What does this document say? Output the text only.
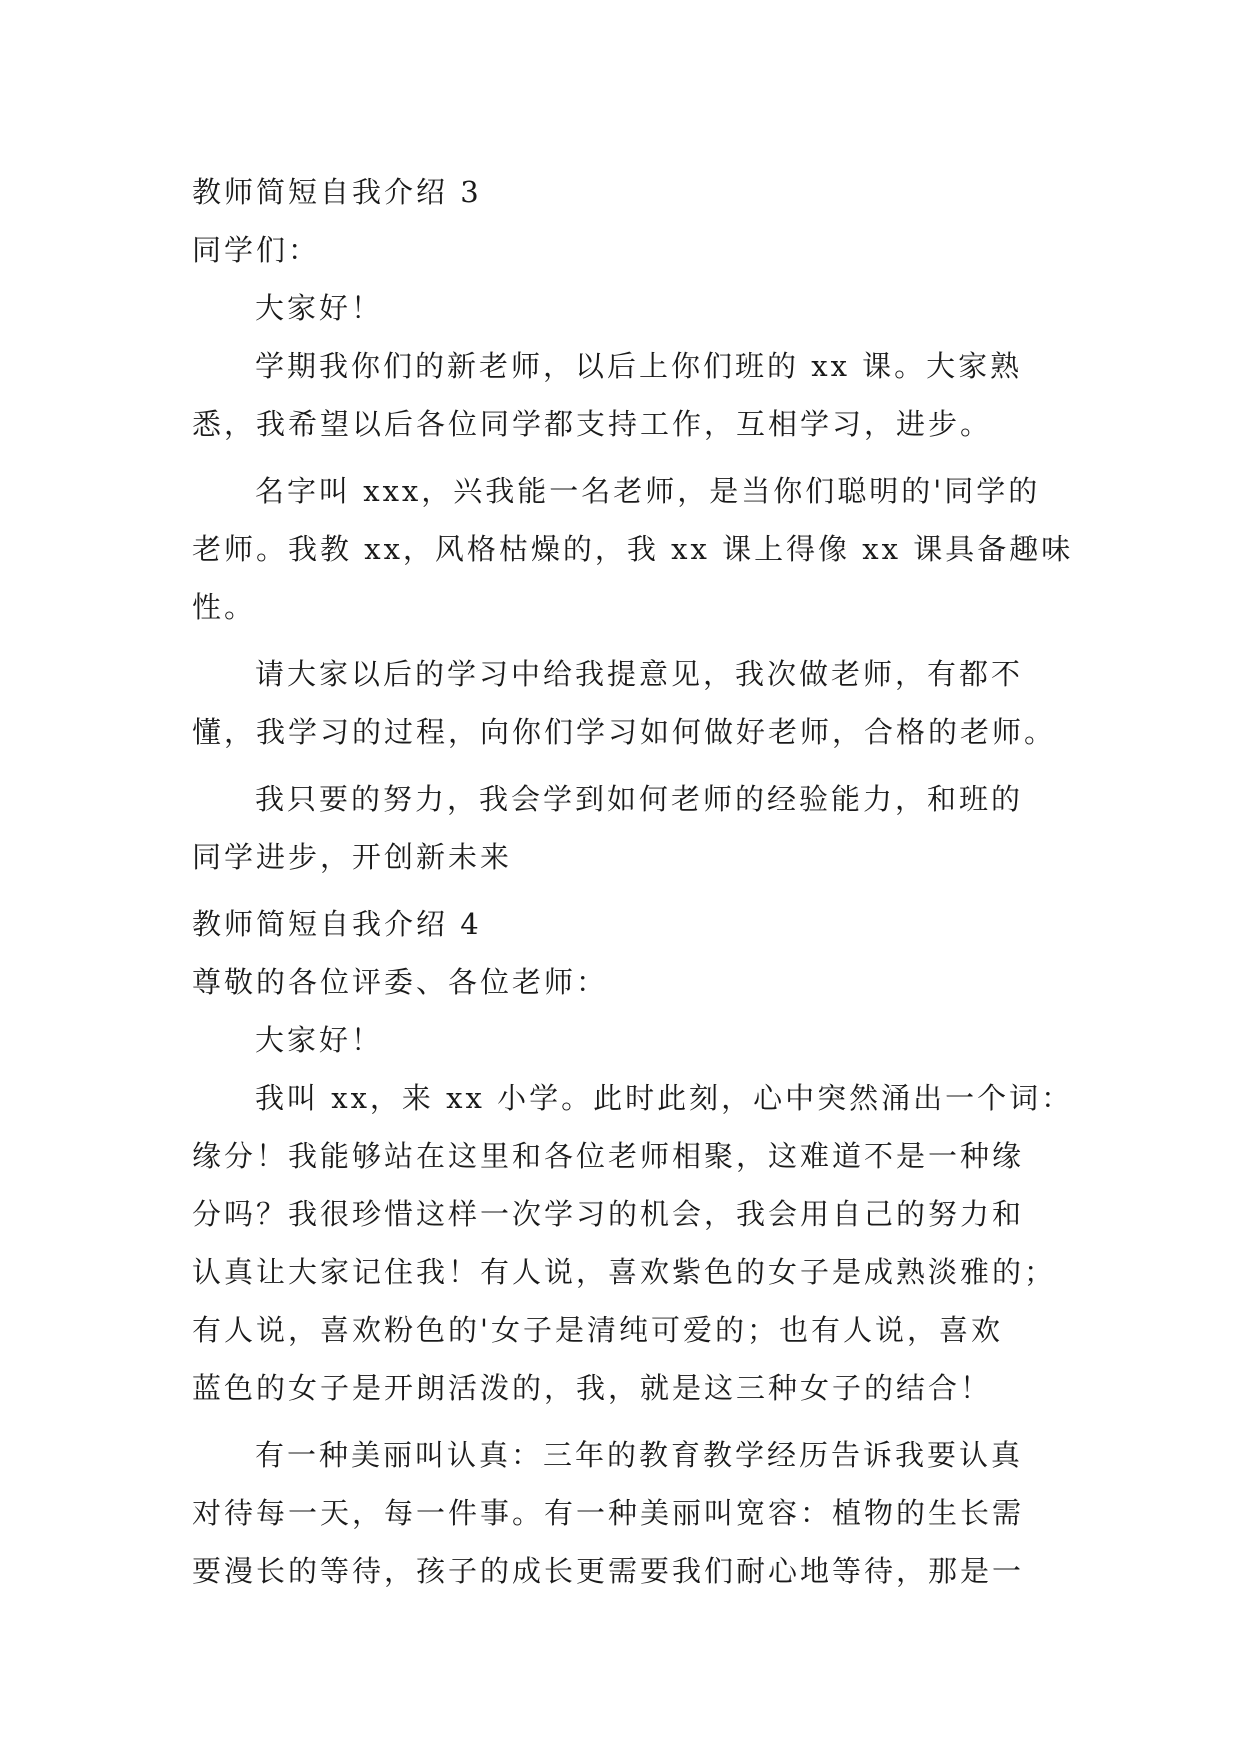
教师简短自我介绍 3
同学们：
大家好！
学期我你们的新老师，以后上你们班的 xx 课。大家熟
悉，我希望以后各位同学都支持工作，互相学习，进步。
名字叫 xxx，兴我能一名老师，是当你们聪明的'同学的
老师。我教 xx，风格枯燥的，我 xx 课上得像 xx 课具备趣味
性。
请大家以后的学习中给我提意见，我次做老师，有都不
懂，我学习的过程，向你们学习如何做好老师，合格的老师。
我只要的努力，我会学到如何老师的经验能力，和班的
同学进步，开创新未来
教师简短自我介绍 4
尊敬的各位评委、各位老师：
大家好！
我叫 xx，来 xx 小学。此时此刻，心中突然涌出一个词：
缘分！我能够站在这里和各位老师相聚，这难道不是一种缘
分吗？我很珍惜这样一次学习的机会，我会用自己的努力和
认真让大家记住我！有人说，喜欢紫色的女子是成熟淡雅的；
有人说，喜欢粉色的'女子是清纯可爱的；也有人说，喜欢
蓝色的女子是开朗活泼的，我，就是这三种女子的结合！
有一种美丽叫认真：三年的教育教学经历告诉我要认真
对待每一天，每一件事。有一种美丽叫宽容：植物的生长需
要漫长的等待，孩子的成长更需要我们耐心地等待，那是一
